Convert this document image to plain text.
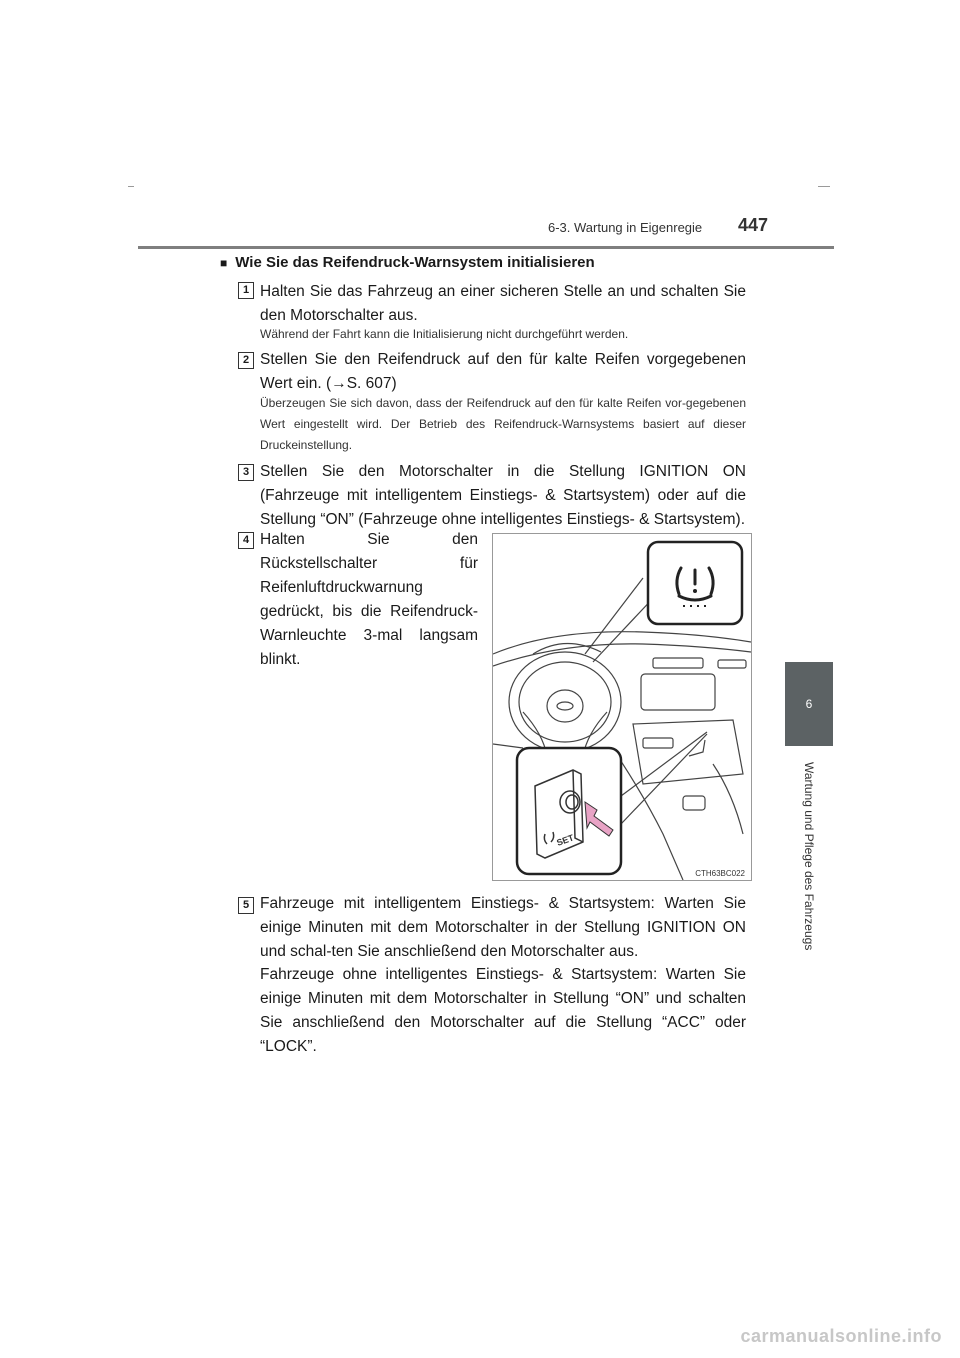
6-3. Wartung in Eigenregie 447
6
Wartung und Pflege des Fahrzeugs
■ Wie Sie das Reifendruck-Warnsystem initialisieren
1 Halten Sie das Fahrzeug an einer sicheren Stelle an und schalten Sie den Motorschalter aus.
Während der Fahrt kann die Initialisierung nicht durchgeführt werden.
2 Stellen Sie den Reifendruck auf den für kalte Reifen vorgegebenen Wert ein. (→S. 607)
Überzeugen Sie sich davon, dass der Reifendruck auf den für kalte Reifen vor-gegebenen Wert eingestellt wird. Der Betrieb des Reifendruck-Warnsystems basiert auf dieser Druckeinstellung.
3 Stellen Sie den Motorschalter in die Stellung IGNITION ON (Fahrzeuge mit intelligentem Einstiegs- & Startsystem) oder auf die Stellung “ON” (Fahrzeuge ohne intelligentes Einstiegs- & Startsystem).
4 Halten Sie den Rückstellschalter für Reifenluftdruckwarnung gedrückt, bis die Reifendruck-Warnleuchte 3-mal langsam blinkt.
SET
CTH63BC022
5 Fahrzeuge mit intelligentem Einstiegs- & Startsystem: Warten Sie einige Minuten mit dem Motorschalter in der Stellung IGNITION ON und schal-ten Sie anschließend den Motorschalter aus.
Fahrzeuge ohne intelligentes Einstiegs- & Startsystem: Warten Sie einige Minuten mit dem Motorschalter in Stellung “ON” und schalten Sie anschließend den Motorschalter auf die Stellung “ACC” oder “LOCK”.
carmanualsonline.info
